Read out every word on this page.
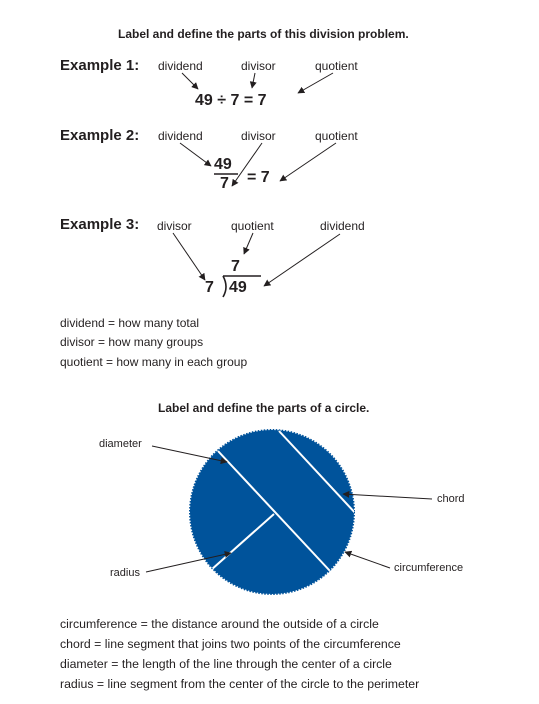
Label and define the parts of this division problem.
Example 1: dividend	divisor	quotient
49 ÷ 7 = 7
Example 2: dividend	divisor	quotient
49
7 = 7
Example 3: divisor	quotient	dividend
7
7 49
dividend = how many total
divisor = how many groups
quotient = how many in each group
Label and define the parts of a circle.
diameter
chord
radius	circumference
circumference = the distance around the outside of a circle
chord = line segment that joins two points of the circumference
diameter = the length of the line through the center of a circle
radius = line segment from the center of the circle to the perimeter
